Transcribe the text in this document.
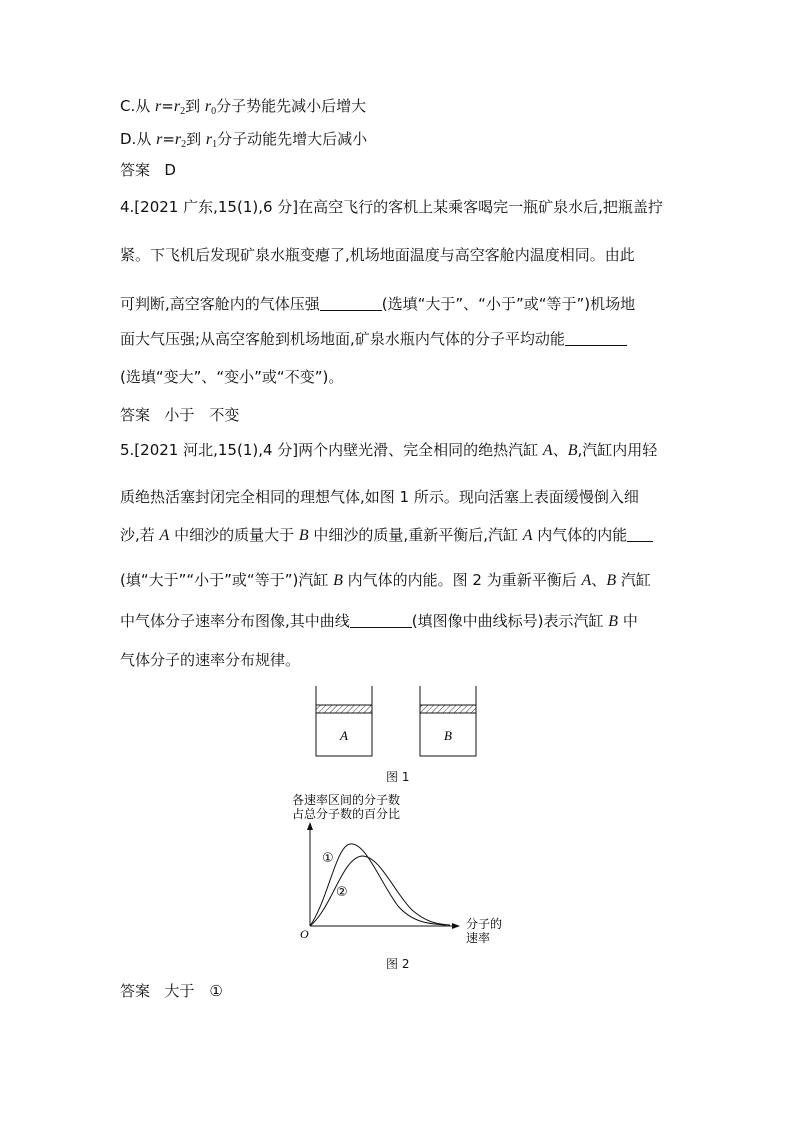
C.从 $r=r_2$到 $r_0$分子势能先减小后增大
D.从 $r=r_2$到 $r_1$分子动能先增大后减小
答案 D
4.[2021 广东,15(1),6 分]在高空飞行的客机上某乘客喝完一瓶矿泉水后,把瓶盖拧
紧。下飞机后发现矿泉水瓶变瘪了,机场地面温度与高空客舱内温度相同。由此
可判断,高空客舱内的气体压强	(选填“大于”、“小于”或“等于”)机场地
面大气压强;从高空客舱到机场地面,矿泉水瓶内气体的分子平均动能
(选填“变大”、“变小”或“不变”)。
答案 小于　不变
5.[2021 河北,15(1),4 分]两个内壁光滑、完全相同的绝热汽缸 A、B,汽缸内用轻
质绝热活塞封闭完全相同的理想气体,如图 1 所示。现向活塞上表面缓慢倒入细
沙,若 A 中细沙的质量大于 B 中细沙的质量,重新平衡后,汽缸 A 内气体的内能
(填“大于”“小于”或“等于”)汽缸 B 内气体的内能。图 2 为重新平衡后 A、B 汽缸
中气体分子速率分布图像,其中曲线	(填图像中曲线标号)表示汽缸 B 中
气体分子的速率分布规律。
A	B
图 1
各速率区间的分子数
占总分子数的百分比
O
分子的
速率
①
②
图 2
答案 大于　①
